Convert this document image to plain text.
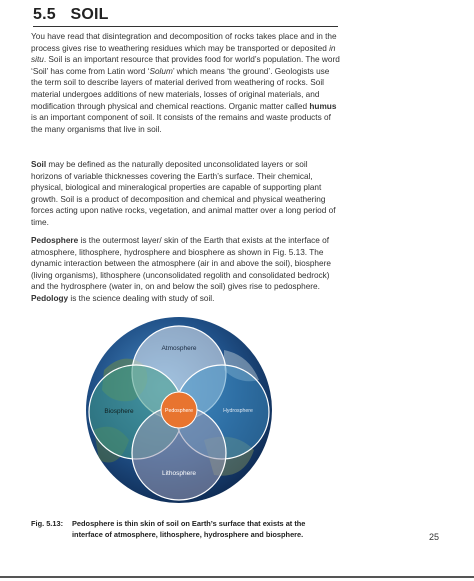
5.5 SOIL

You have read that disintegration and decomposition of rocks takes place and in the process gives rise to weathering residues which may be transported or deposited in situ. Soil is an important resource that provides food for world’s population. The word ‘Soil’ has come from Latin word ‘Solum’ which means ‘the ground’. Geologists use the term soil to describe layers of material derived from weathering of rocks. Soil material undergoes additions of new materials, losses of original materials, and modification through physical and chemical reactions. Organic matter called humus is an important component of soil. It consists of the remains and waste products of the many organisms that live in soil.

Soil may be defined as the naturally deposited unconsolidated layers or soil horizons of variable thicknesses covering the Earth’s surface. Their chemical, physical, biological and mineralogical properties are capable of supporting plant growth. Soil is a product of decomposition and chemical and physical weathering forces acting upon native rocks, vegetation, and animal matter over a long period of time.

Pedosphere is the outermost layer/ skin of the Earth that exists at the interface of atmosphere, lithosphere, hydrosphere and biosphere as shown in Fig. 5.13. The dynamic interaction between the atmosphere (air in and above the soil), biosphere (living organisms), lithosphere (unconsolidated regolith and consolidated bedrock) and the hydrosphere (water in, on and below the soil) gives rise to pedosphere. Pedology is the science dealing with study of soil.

Atmosphere
Biosphere	Pedosphere	Hydrosphere
Lithosphere
Fig. 5.13: Pedosphere is thin skin of soil on Earth’s surface that exists at the
interface of atmosphere, lithosphere, hydrosphere and biosphere.	25
